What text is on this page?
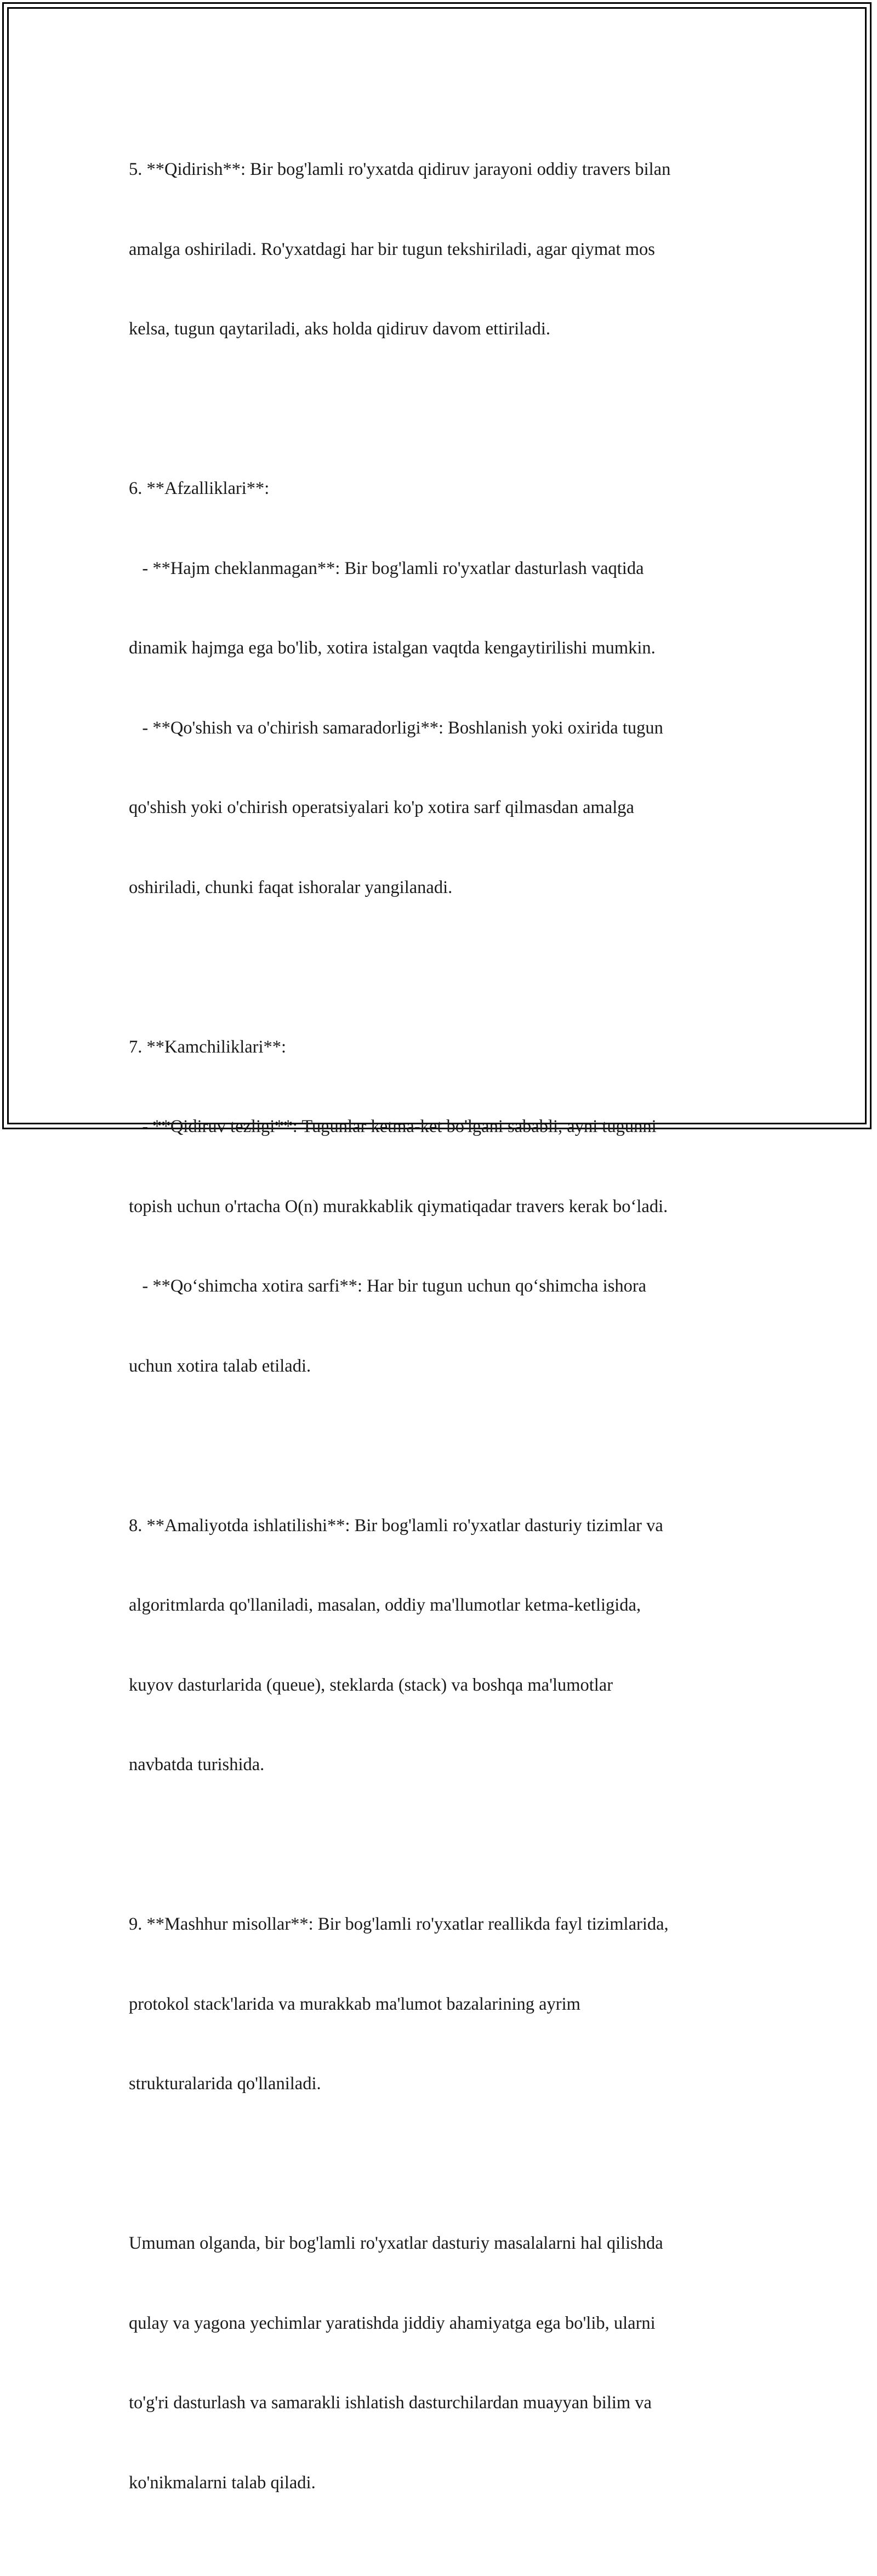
5. **Qidirish**: Bir bog'lamli ro'yxatda qidiruv jarayoni oddiy travers bilan

amalga oshiriladi. Ro'yxatdagi har bir tugun tekshiriladi, agar qiymat mos

kelsa, tugun qaytariladi, aks holda qidiruv davom ettiriladi.

6. **Afzalliklari**:

- **Hajm cheklanmagan**: Bir bog'lamli ro'yxatlar dasturlash vaqtida

dinamik hajmga ega bo'lib, xotira istalgan vaqtda kengaytirilishi mumkin.

- **Qo'shish va o'chirish samaradorligi**: Boshlanish yoki oxirida tugun

qo'shish yoki o'chirish operatsiyalari ko'p xotira sarf qilmasdan amalga

oshiriladi, chunki faqat ishoralar yangilanadi.

7. **Kamchiliklari**:

- **Qidiruv tezligi**: Tugunlar ketma-ket bo'lgani sababli, ayni tugunni

topish uchun o'rtacha O(n) murakkablik qiymatiqadar travers kerak bo‘ladi.

- **Qo‘shimcha xotira sarfi**: Har bir tugun uchun qo‘shimcha ishora

uchun xotira talab etiladi.

8. **Amaliyotda ishlatilishi**: Bir bog'lamli ro'yxatlar dasturiy tizimlar va

algoritmlarda qo'llaniladi, masalan, oddiy ma'llumotlar ketma-ketligida,

kuyov dasturlarida (queue), steklarda (stack) va boshqa ma'lumotlar

navbatda turishida.

9. **Mashhur misollar**: Bir bog'lamli ro'yxatlar reallikda fayl tizimlarida,

protokol stack'larida va murakkab ma'lumot bazalarining ayrim

strukturalarida qo'llaniladi.

Umuman olganda, bir bog'lamli ro'yxatlar dasturiy masalalarni hal qilishda

qulay va yagona yechimlar yaratishda jiddiy ahamiyatga ega bo'lib, ularni

to'g'ri dasturlash va samarakli ishlatish dasturchilardan muayyan bilim va

ko'nikmalarni talab qiladi.
